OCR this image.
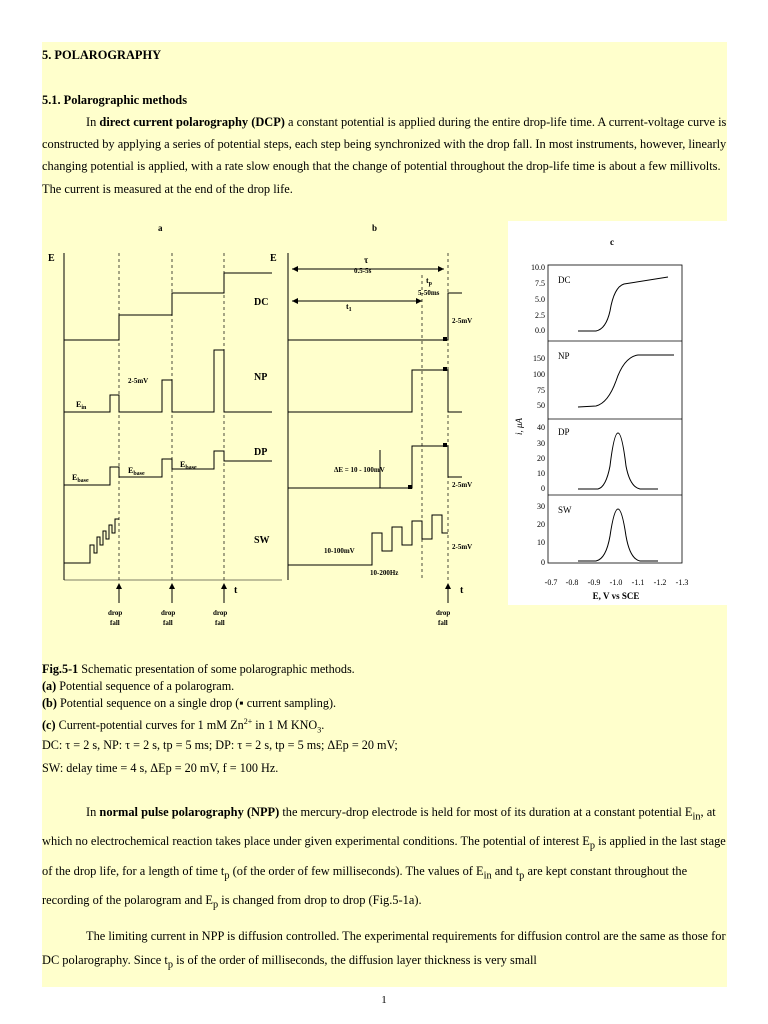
5. POLAROGRAPHY
5.1. Polarographic methods
In direct current polarography (DCP) a constant potential is applied during the entire drop-life time. A current-voltage curve is constructed by applying a series of potential steps, each step being synchronized with the drop fall. In most instruments, however, linearly changing potential is applied, with a rate slow enough that the change of potential throughout the drop-life time is about a few millivolts. The current is measured at the end of the drop life.
a	b
E
t
2-5mV
$E_{in}$
$E_{base}$
$E_{base}$
$E_{base}$
drop
fall
drop
fall
drop
fall
DC
NP
DP
SW
E
t
τ
0.5-5s
$t_p$
5-50ms
$t_1$
2-5mV
ΔE = 10 - 100mV
2-5mV
10-100mV
10-200Hz
2-5mV
drop
fall
c
DC
NP
DP
SW
10.0
7.5
5.0
2.5
0.0
150
100
75
50
40
30
20
10
0
30
20
10
0
i, μA
-0.7 -0.8 -0.9 -1.0 -1.1 -1.2 -1.3
E, V vs SCE
Fig.5-1 Schematic presentation of some polarographic methods.
(a) Potential sequence of a polarogram.
(b) Potential sequence on a single drop (▪ current sampling).
(c) Current-potential curves for 1 mM $Zn^{2+}$ in 1 M $KNO_3$.
DC: τ = 2 s, NP: τ = 2 s, tp = 5 ms; DP: τ = 2 s, tp = 5 ms; ΔEp = 20 mV;
SW: delay time = 4 s, ΔEp = 20 mV, f = 100 Hz.
In normal pulse polarography (NPP) the mercury-drop electrode is held for most of its duration at a constant potential $E_{in}$, at which no electrochemical reaction takes place under given experimental conditions. The potential of interest $E_p$ is applied in the last stage of the drop life, for a length of time $t_p$ (of the order of few milliseconds). The values of $E_{in}$ and $t_p$ are kept constant throughout the recording of the polarogram and $E_p$ is changed from drop to drop (Fig.5-1a).
The limiting current in NPP is diffusion controlled. The experimental requirements for diffusion control are the same as those for DC polarography. Since $t_p$ is of the order of milliseconds, the diffusion layer thickness is very small
1
